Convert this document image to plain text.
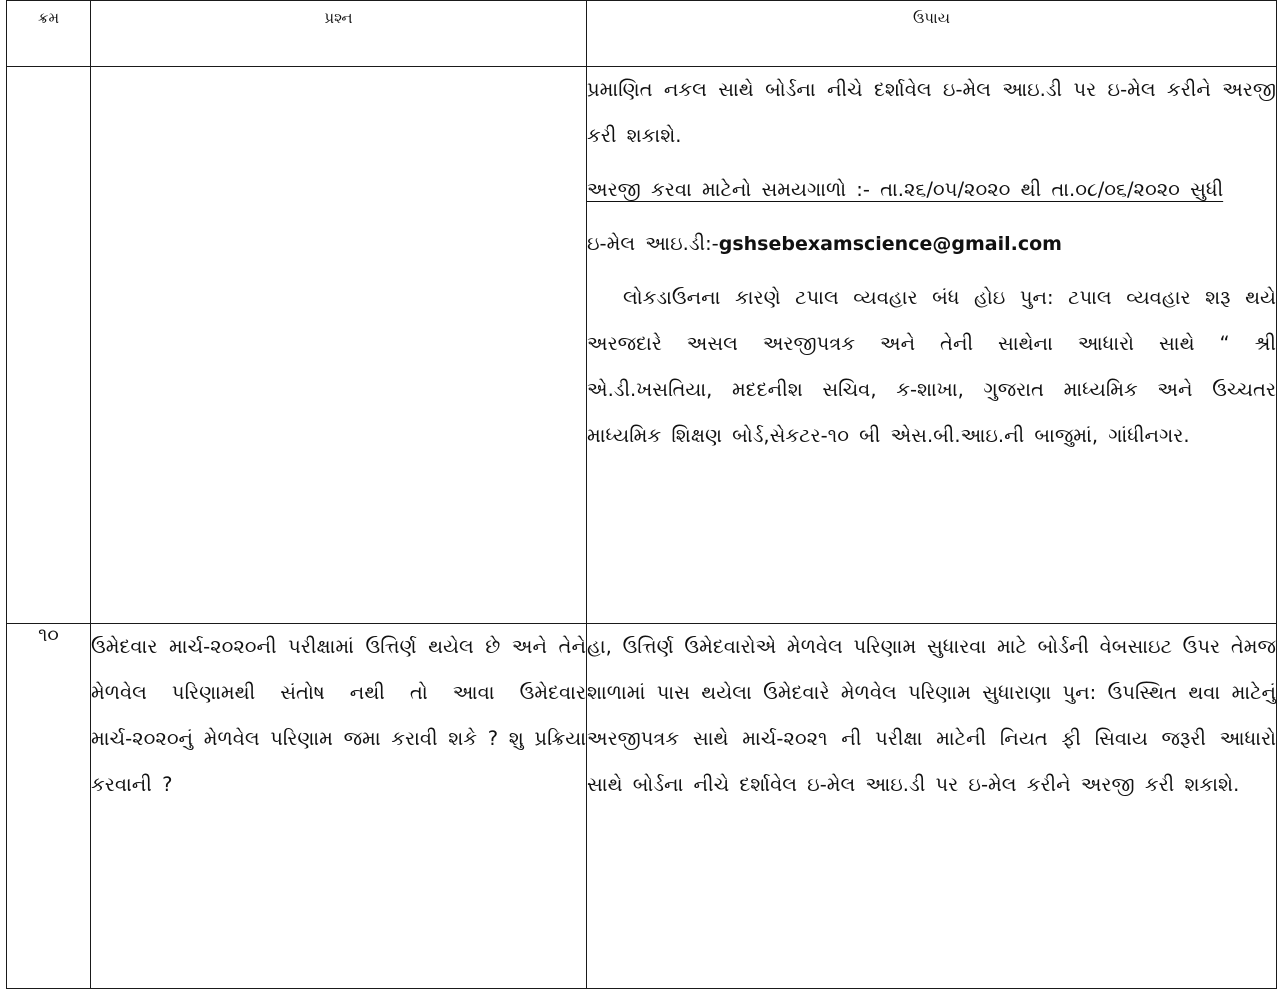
ક્રમ	પ્રશ્ન	ઉપાય

		પ્રમાણિત નકલ સાથે બોર્ડના નીચે દર્શાવેલ ઇ-મેલ આઇ.ડી પર ઇ-મેલ કરીને અરજી કરી શકાશે.

અરજી કરવા માટેનો સમયગાળો :- તા.૨૬/૦૫/૨૦૨૦ થી તા.૦૮/૦૬/૨૦૨૦ સુધી

ઇ-મેલ આઇ.ડી:-gshsebexamscience@gmail.com

લોકડાઉનના કારણે ટપાલ વ્યવહાર બંધ હોઇ પુન: ટપાલ વ્યવહાર શરૂ થયે અરજદારે અસલ અરજીપત્રક અને તેની સાથેના આધારો સાથે “ શ્રી એ.ડી.ખસતિયા, મદદનીશ સચિવ, ક-શાખા, ગુજરાત માધ્યમિક અને ઉચ્ચતર માધ્યમિક શિક્ષણ બોર્ડ,સેકટર-૧૦ બી એસ.બી.આઇ.ની બાજુમાં, ગાંધીનગર.

૧૦	ઉમેદવાર માર્ચ-૨૦૨૦ની પરીક્ષામાં ઉત્તિર્ણ થયેલ છે અને તેને મેળવેલ પરિણામથી સંતોષ નથી તો આવા ઉમેદવાર માર્ચ-૨૦૨૦નું મેળવેલ પરિણામ જમા કરાવી શકે ? શુ પ્રક્રિયા કરવાની ?	હા, ઉત્તિર્ણ ઉમેદવારોએ મેળવેલ પરિણામ સુધારવા માટે બોર્ડની વેબસાઇટ ઉપર તેમજ શાળામાં પાસ થયેલા ઉમેદવારે મેળવેલ પરિણામ સુધારાણા પુન: ઉપસ્થિત થવા માટેનું અરજીપત્રક સાથે માર્ચ-૨૦૨૧ ની પરીક્ષા માટેની નિયત ફી સિવાય જરૂરી આધારો સાથે બોર્ડના નીચે દર્શાવેલ ઇ-મેલ આઇ.ડી પર ઇ-મેલ કરીને અરજી કરી શકાશે.
